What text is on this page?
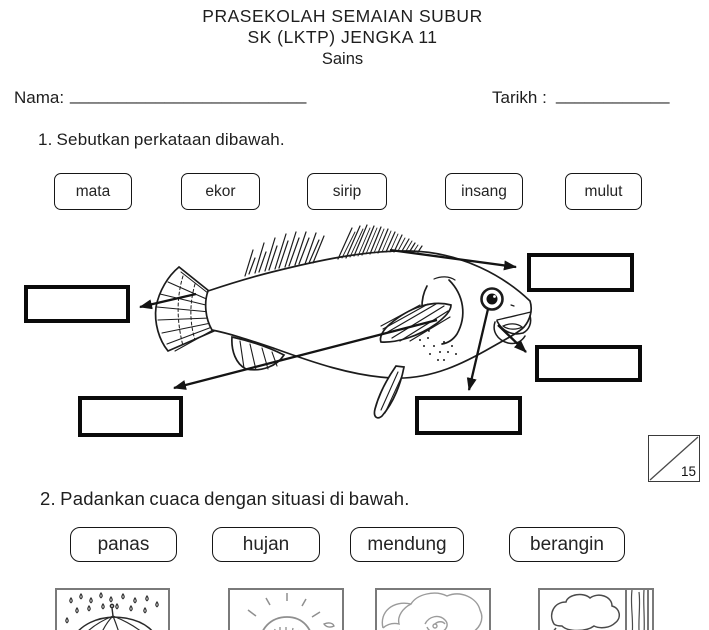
PRASEKOLAH SEMAIAN SUBUR
SK (LKTP) JENGKA 11
Sains
Nama: _________________________	Tarikh : ____________
1. Sebutkan perkataan dibawah.
mata	ekor	sirip	insang	mulut
15
2. Padankan cuaca dengan situasi di bawah.
panas	hujan	mendung	berangin
